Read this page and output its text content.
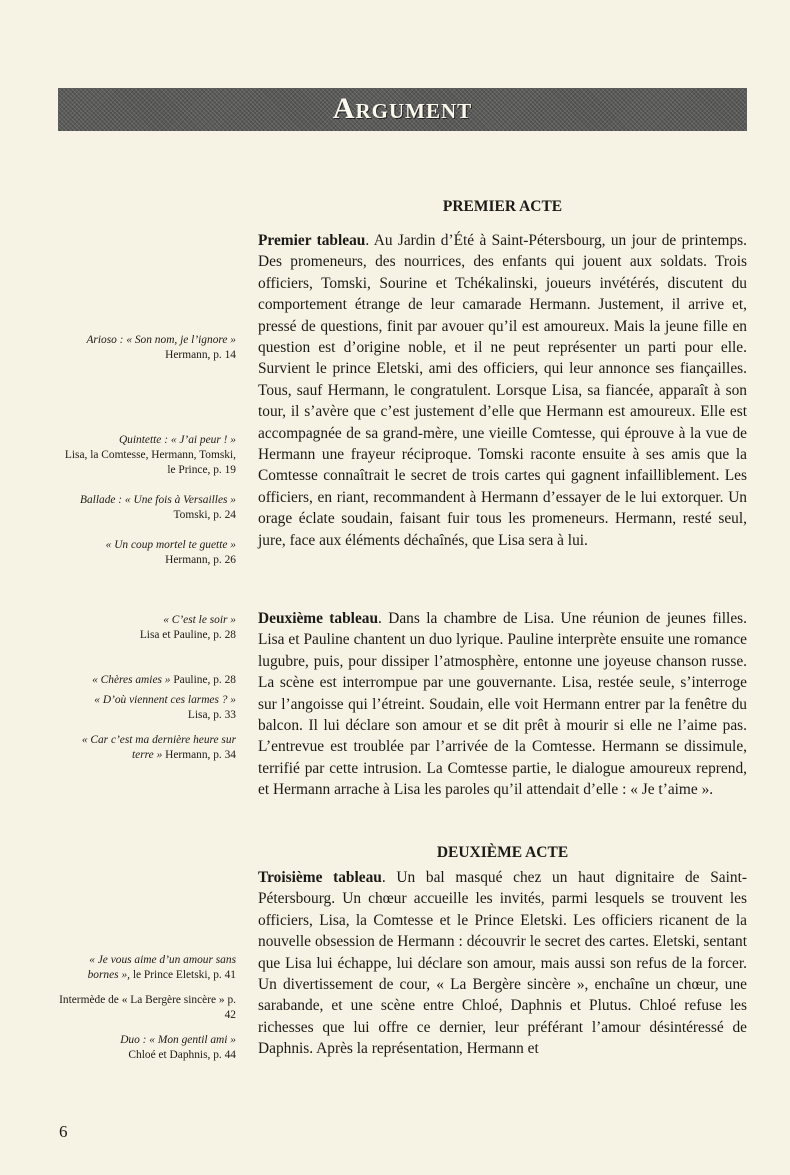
Argument
PREMIER ACTE

Premier tableau. Au Jardin d’Été à Saint-Pétersbourg, un jour de printemps. Des promeneurs, des nourrices, des enfants qui jouent aux soldats. Trois officiers, Tomski, Sourine et Tchékalinski, joueurs invétérés, discutent du comportement étrange de leur camarade Hermann. Justement, il arrive et, pressé de questions, finit par avouer qu’il est amoureux. Mais la jeune fille en question est d’origine noble, et il ne peut représenter un parti pour elle. Survient le prince Eletski, ami des officiers, qui leur annonce ses fiançailles. Tous, sauf Hermann, le congratulent. Lorsque Lisa, sa fiancée, apparaît à son tour, il s’avère que c’est justement d’elle que Hermann est amoureux. Elle est accompagnée de sa grand-mère, une vieille Comtesse, qui éprouve à la vue de Hermann une frayeur réciproque. Tomski raconte ensuite à ses amis que la Comtesse connaîtrait le secret de trois cartes qui gagnent infailliblement. Les officiers, en riant, recommandent à Hermann d’essayer de le lui extorquer. Un orage éclate soudain, faisant fuir tous les promeneurs. Hermann, resté seul, jure, face aux éléments déchaînés, que Lisa sera à lui.

Deuxième tableau. Dans la chambre de Lisa. Une réunion de jeunes filles. Lisa et Pauline chantent un duo lyrique. Pauline interprète ensuite une romance lugubre, puis, pour dissiper l’atmosphère, entonne une joyeuse chanson russe. La scène est interrompue par une gouvernante. Lisa, restée seule, s’interroge sur l’angoisse qui l’étreint. Soudain, elle voit Hermann entrer par la fenêtre du balcon. Il lui déclare son amour et se dit prêt à mourir si elle ne l’aime pas. L’entrevue est troublée par l’arrivée de la Comtesse. Hermann se dissimule, terrifié par cette intrusion. La Comtesse partie, le dialogue amoureux reprend, et Hermann arrache à Lisa les paroles qu’il attendait d’elle : « Je t’aime ».

DEUXIÈME ACTE

Troisième tableau. Un bal masqué chez un haut dignitaire de Saint-Pétersbourg. Un chœur accueille les invités, parmi lesquels se trouvent les officiers, Lisa, la Comtesse et le Prince Eletski. Les officiers ricanent de la nouvelle obsession de Hermann : découvrir le secret des cartes. Eletski, sentant que Lisa lui échappe, lui déclare son amour, mais aussi son refus de la forcer. Un divertissement de cour, « La Bergère sincère », enchaîne un chœur, une sarabande, et une scène entre Chloé, Daphnis et Plutus. Chloé refuse les richesses que lui offre ce dernier, leur préférant l’amour désintéressé de Daphnis. Après la représentation, Hermann et

Arioso : « Son nom, je l’ignore »
Hermann, p. 14
Quintette : « J’ai peur ! »
Lisa, la Comtesse, Hermann, Tomski, le Prince, p. 19
Ballade : « Une fois à Versailles »
Tomski, p. 24
« Un coup mortel te guette »
Hermann, p. 26
« C’est le soir »
Lisa et Pauline, p. 28
« Chères amies » Pauline, p. 28
« D’où viennent ces larmes ? »
Lisa, p. 33
« Car c’est ma dernière heure sur terre » Hermann, p. 34
« Je vous aime d’un amour sans bornes », le Prince Eletski, p. 41
Intermède de « La Bergère sincère » p. 42
Duo : « Mon gentil ami »
Chloé et Daphnis, p. 44
6
